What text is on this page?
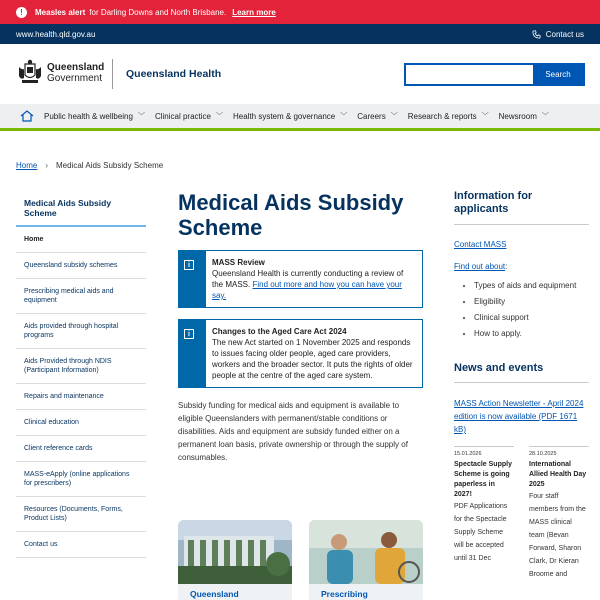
!	Measles alert for Darling Downs and North Brisbane. Learn more
www.health.qld.gov.au	Contact us
Queensland
Government Queensland Health	Search
Public health & wellbeing ﹀ Clinical practice ﹀ Health system & governance ﹀ Careers ﹀ Research & reports ﹀ Newsroom ﹀
Home › Medical Aids Subsidy Scheme
Medical Aids Subsidy Scheme
Home
Queensland subsidy schemes
Prescribing medical aids and equipment
Aids provided through hospital programs
Aids Provided through NDIS (Participant Information)
Repairs and maintenance
Clinical education
Client reference cards
MASS-eApply (online applications for prescribers)
Resources (Documents, Forms, Product Lists)
Contact us
Medical Aids Subsidy Scheme
i	MASS Review
Queensland Health is currently conducting a review of the MASS. Find out more and how you can have your say.
i	Changes to the Aged Care Act 2024
The new Act started on 1 November 2025 and responds to issues facing older people, aged care providers, workers and the broader sector. It puts the rights of older people at the centre of the aged care system.
Subsidy funding for medical aids and equipment is available to eligible Queenslanders with permanent/stable conditions or disabilities. Aids and equipment are subsidy funded either on a permanent loan basis, private ownership or through the supply of consumables.
Queensland	Prescribing
Information for applicants
Contact MASS
Find out about:
• Types of aids and equipment
• Eligibility
• Clinical support
• How to apply.
News and events
MASS Action Newsletter - April 2024 edition is now available (PDF 1671 kB)
15.01.2026
Spectacle Supply Scheme is going paperless in 2027!
PDF Applications for the Spectacle Supply Scheme will be accepted until 31 Dec
28.10.2025
International Allied Health Day 2025
Four staff members from the MASS clinical team (Bevan Forward, Sharon Clark, Dr Kieran Broome and
